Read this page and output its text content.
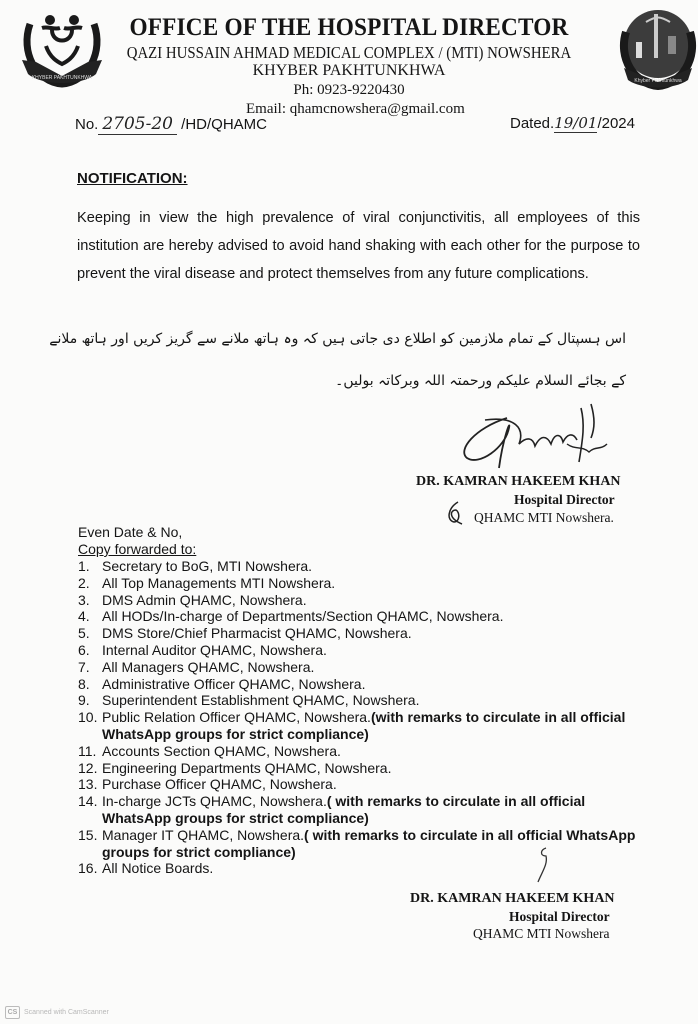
KHYBER PAKHTUNKHWA	Khyber Pakhtunkhwa
OFFICE OF THE HOSPITAL DIRECTOR
QAZI HUSSAIN AHMAD MEDICAL COMPLEX / (MTI) NOWSHERA
KHYBER PAKHTUNKHWA
Ph: 0923-9220430
Email: qhamcnowshera@gmail.com
No. 2705-20 /HD/QHAMC	Dated.19/01/2024
NOTIFICATION:
Keeping in view the high prevalence of viral conjunctivitis, all employees of this institution are hereby advised to avoid hand shaking with each other for the purpose to prevent the viral disease and protect themselves from any future complications.
اس ہسپتال کے تمام ملازمین کو اطلاع دی جاتی ہیں کہ وہ ہاتھ ملانے سے گریز کریں اور ہاتھ ملانے کے بجائے السلام علیکم ورحمتہ اللہ وبرکاتہ بولیں۔
DR. KAMRAN HAKEEM KHAN
Hospital Director
QHAMC MTI Nowshera.
Even Date & No,
Copy forwarded to:
1. Secretary to BoG, MTI Nowshera.
2. All Top Managements MTI Nowshera.
3. DMS Admin QHAMC, Nowshera.
4. All HODs/In-charge of Departments/Section QHAMC, Nowshera.
5. DMS Store/Chief Pharmacist QHAMC, Nowshera.
6. Internal Auditor QHAMC, Nowshera.
7. All Managers QHAMC, Nowshera.
8. Administrative Officer QHAMC, Nowshera.
9. Superintendent Establishment QHAMC, Nowshera.
10. Public Relation Officer QHAMC, Nowshera.(with remarks to circulate in all official WhatsApp groups for strict compliance)
11. Accounts Section QHAMC, Nowshera.
12. Engineering Departments QHAMC, Nowshera.
13. Purchase Officer QHAMC, Nowshera.
14. In-charge JCTs QHAMC, Nowshera.( with remarks to circulate in all official WhatsApp groups for strict compliance)
15. Manager IT QHAMC, Nowshera.( with remarks to circulate in all official WhatsApp groups for strict compliance)
16. All Notice Boards.
DR. KAMRAN HAKEEM KHAN
Hospital Director
QHAMC MTI Nowshera
CS Scanned with CamScanner
